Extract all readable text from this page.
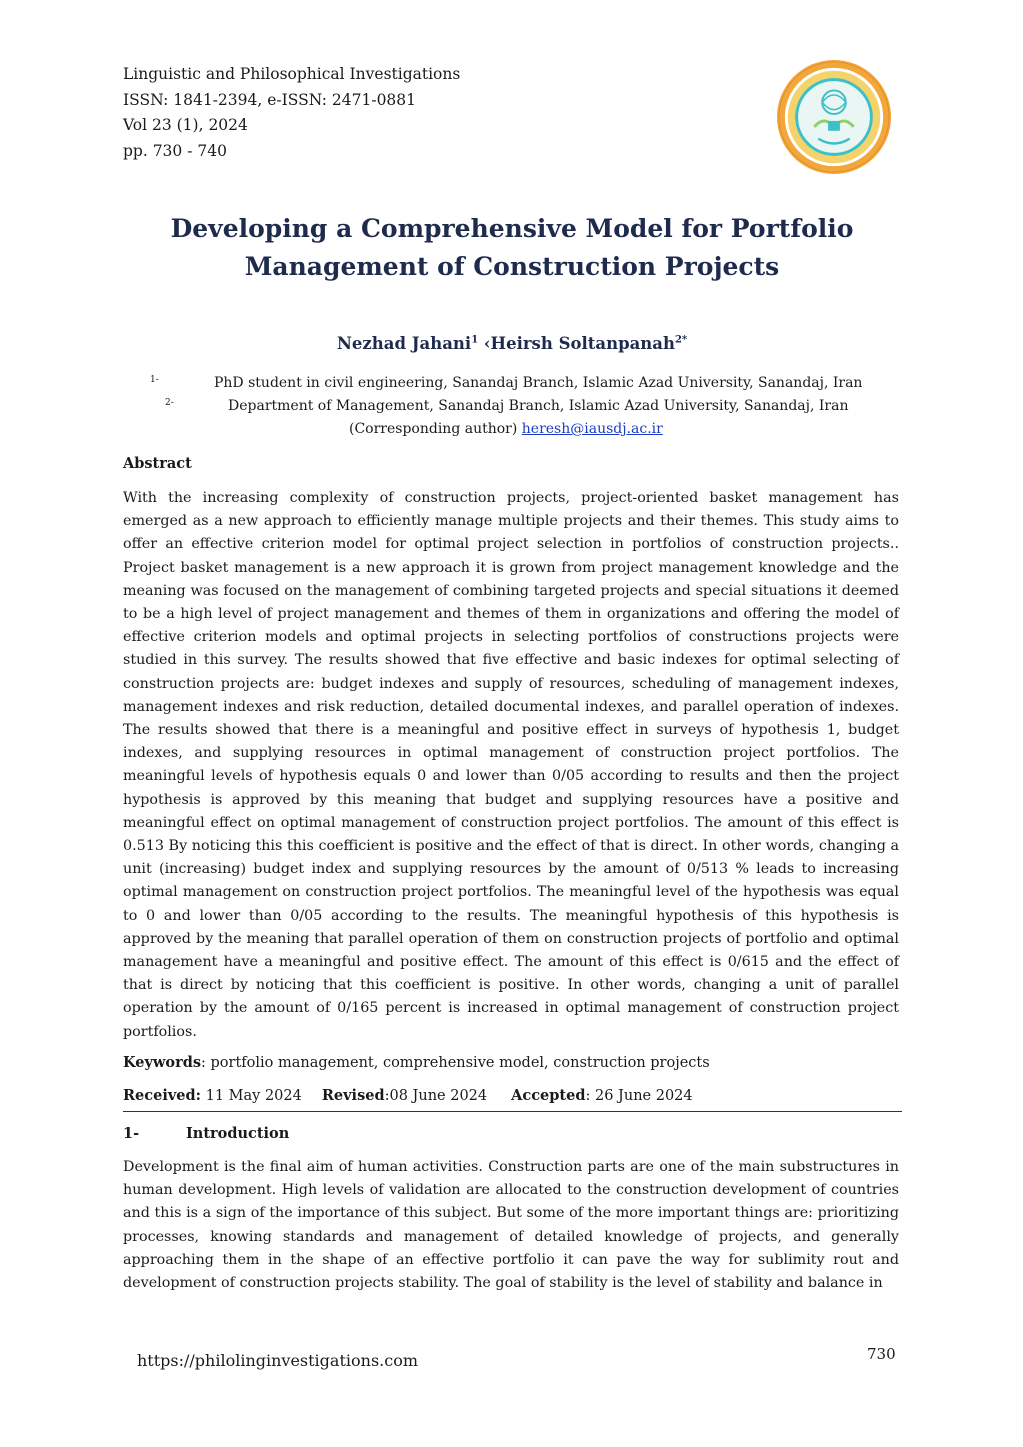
Linguistic and Philosophical Investigations
ISSN: 1841-2394, e-ISSN: 2471-0881
Vol 23 (1), 2024
pp. 730 - 740
Developing a Comprehensive Model for Portfolio
Management of Construction Projects
Nezhad Jahani$^1$ ‹Heirsh Soltanpanah$^{2*}$
$^{1-}$	PhD student in civil engineering, Sanandaj Branch, Islamic Azad University, Sanandaj, Iran
$^{2-}$	Department of Management, Sanandaj Branch, Islamic Azad University, Sanandaj, Iran
(Corresponding author) heresh@iausdj.ac.ir
Abstract

With the increasing complexity of construction projects, project-oriented basket management has emerged as a new approach to efficiently manage multiple projects and their themes. This study aims to offer an effective criterion model for optimal project selection in portfolios of construction projects.. Project basket management is a new approach it is grown from project management knowledge and the meaning was focused on the management of combining targeted projects and special situations it deemed to be a high level of project management and themes of them in organizations and offering the model of effective criterion models and optimal projects in selecting portfolios of constructions projects were studied in this survey. The results showed that five effective and basic indexes for optimal selecting of construction projects are: budget indexes and supply of resources, scheduling of management indexes, management indexes and risk reduction, detailed documental indexes, and parallel operation of indexes. The results showed that there is a meaningful and positive effect in surveys of hypothesis 1, budget indexes, and supplying resources in optimal management of construction project portfolios. The meaningful levels of hypothesis equals 0 and lower than 0/05 according to results and then the project hypothesis is approved by this meaning that budget and supplying resources have a positive and meaningful effect on optimal management of construction project portfolios. The amount of this effect is 0.513 By noticing this this coefficient is positive and the effect of that is direct. In other words, changing a unit (increasing) budget index and supplying resources by the amount of 0/513 % leads to increasing optimal management on construction project portfolios. The meaningful level of the hypothesis was equal to 0 and lower than 0/05 according to the results. The meaningful hypothesis of this hypothesis is approved by the meaning that parallel operation of them on construction projects of portfolio and optimal management have a meaningful and positive effect. The amount of this effect is 0/615 and the effect of that is direct by noticing that this coefficient is positive. In other words, changing a unit of parallel operation by the amount of 0/165 percent is increased in optimal management of construction project portfolios.

Keywords: portfolio management, comprehensive model, construction projects
Received: 11 May 2024 Revised:08 June 2024 Accepted: 26 June 2024
1-	Introduction

Development is the final aim of human activities. Construction parts are one of the main substructures in human development. High levels of validation are allocated to the construction development of countries and this is a sign of the importance of this subject. But some of the more important things are: prioritizing processes, knowing standards and management of detailed knowledge of projects, and generally approaching them in the shape of an effective portfolio it can pave the way for sublimity rout and development of construction projects stability. The goal of stability is the level of stability and balance in

https://philolinginvestigations.com	730
